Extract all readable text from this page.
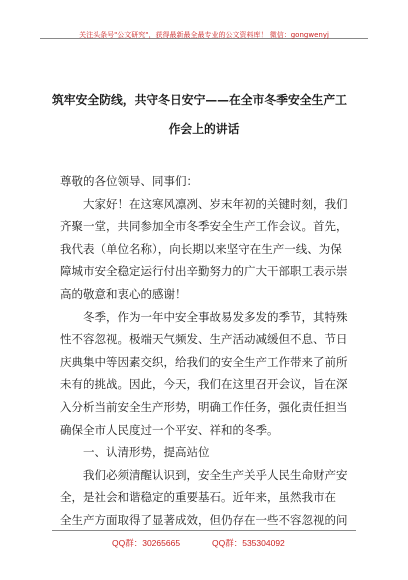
关注头条号"公文研究"，获得最新最全最专业的公文资料库！ 微信：gongwenyj
筑牢安全防线，共守冬日安宁——在全市冬季安全生产工
作会上的讲话

尊敬的各位领导、同事们：

大家好！在这寒风凛冽、岁末年初的关键时刻，我们

齐聚一堂，共同参加全市冬季安全生产工作会议。首先，

我代表（单位名称），向长期以来坚守在生产一线、为保

障城市安全稳定运行付出辛勤努力的广大干部职工表示崇

高的敬意和衷心的感谢！

冬季，作为一年中安全事故易发多发的季节，其特殊

性不容忽视。极端天气频发、生产活动减缓但不息、节日

庆典集中等因素交织，给我们的安全生产工作带来了前所

未有的挑战。因此，今天，我们在这里召开会议，旨在深

入分析当前安全生产形势，明确工作任务，强化责任担当

确保全市人民度过一个平安、祥和的冬季。

一、认清形势，提高站位

我们必须清醒认识到，安全生产关乎人民生命财产安

全，是社会和谐稳定的重要基石。近年来，虽然我市在

全生产方面取得了显著成效，但仍存在一些不容忽视的问

QQ群：30265665	QQ群：535304092
